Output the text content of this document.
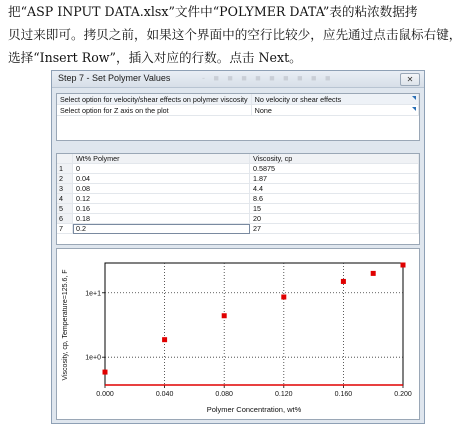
把“ASP INPUT DATA.xlsx”文件中“POLYMER DATA”表的粘浓数据拷

贝过来即可。拷贝之前，如果这个界面中的空行比较少，应先通过点击鼠标右键，

选择“Insert Row”，插入对应的行数。点击 Next。

Step 7 - Set Polymer Values	- ■ ■ ■ ■ ■ ■ ■ ■ ■	✕
Select option for velocity/shear effects on polymer viscosity	No velocity or shear effects

Select option for Z axis on the plot	None
	Wt% Polymer	Viscosity, cp
1	0	0.5875
2	0.04	1.87
3	0.08	4.4
4	0.12	8.6
5	0.16	15
6	0.18	20
7	0.2	27
0.000	0.040	0.080	0.120	0.160	0.200
1e+0
1e+1
Polymer Concentration, wt%
Viscosity, cp, Temperature=125.6, F
